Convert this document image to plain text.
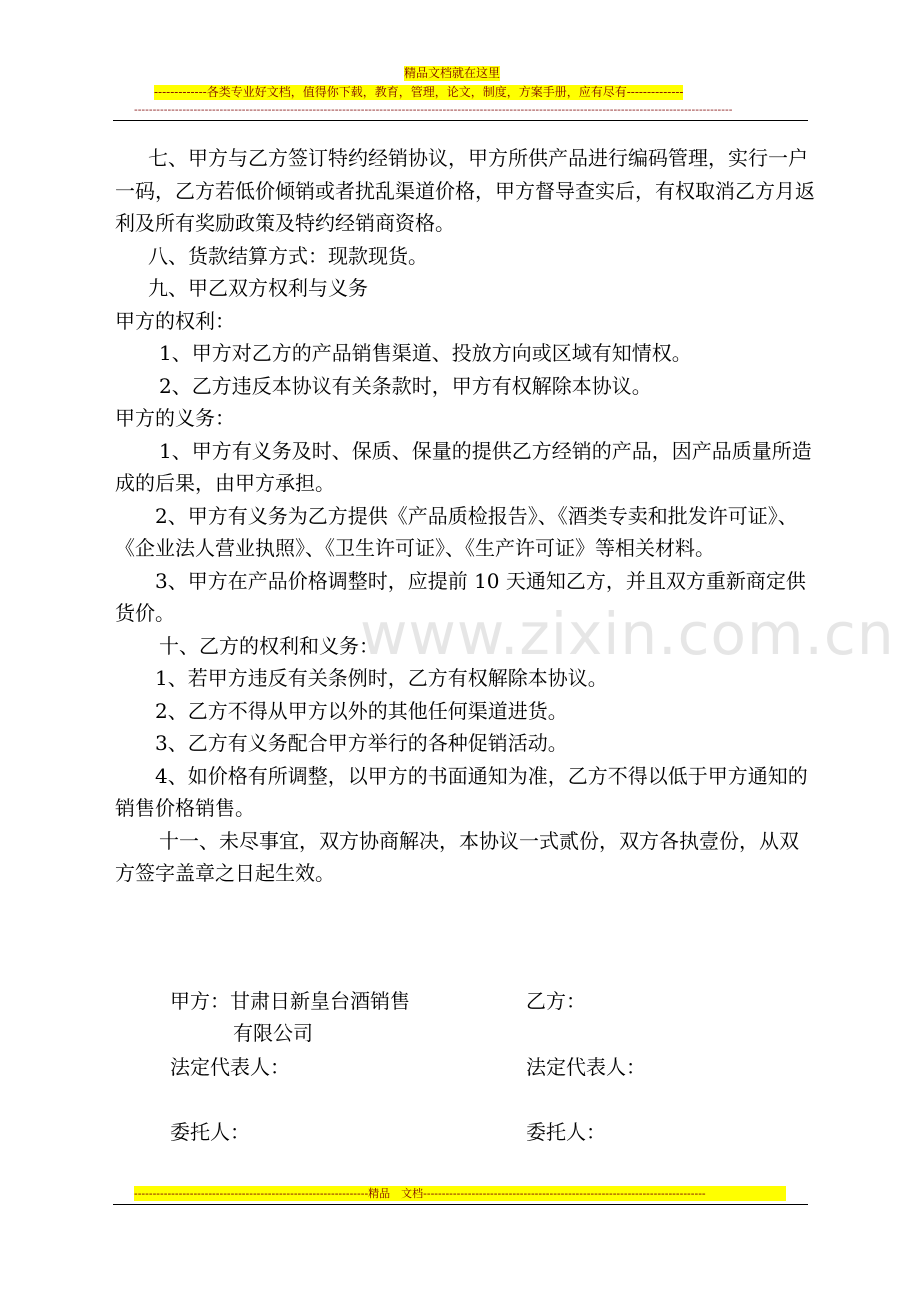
精品文档就在这里
-------------各类专业好文档，值得你下载，教育，管理，论文，制度，方案手册，应有尽有--------------
-----------------------------------------------------------------------------------------------------------------------------------------------------------------
www.zixin.com.cn

七、甲方与乙方签订特约经销协议，甲方所供产品进行编码管理，实行一户一码，乙方若低价倾销或者扰乱渠道价格，甲方督导查实后，有权取消乙方月返利及所有奖励政策及特约经销商资格。

八、货款结算方式：现款现货。

九、甲乙双方权利与义务

甲方的权利：

1、甲方对乙方的产品销售渠道、投放方向或区域有知情权。

2、乙方违反本协议有关条款时，甲方有权解除本协议。

甲方的义务：

1、甲方有义务及时、保质、保量的提供乙方经销的产品，因产品质量所造成的后果，由甲方承担。

2、甲方有义务为乙方提供《产品质检报告》、《酒类专卖和批发许可证》、《企业法人营业执照》、《卫生许可证》、《生产许可证》等相关材料。

3、甲方在产品价格调整时，应提前 10 天通知乙方，并且双方重新商定供货价。

十、乙方的权利和义务：

1、若甲方违反有关条例时，乙方有权解除本协议。

2、乙方不得从甲方以外的其他任何渠道进货。

3、乙方有义务配合甲方举行的各种促销活动。

4、如价格有所调整，以甲方的书面通知为准，乙方不得以低于甲方通知的销售价格销售。

十一、未尽事宜，双方协商解决，本协议一式贰份，双方各执壹份，从双方签字盖章之日起生效。

甲方：甘肃日新皇台酒销售
有限公司
乙方：
法定代表人：	法定代表人：
委托人：	委托人：
---------------------------------------------------------------精品　文档----------------------------------------------------------------------------
